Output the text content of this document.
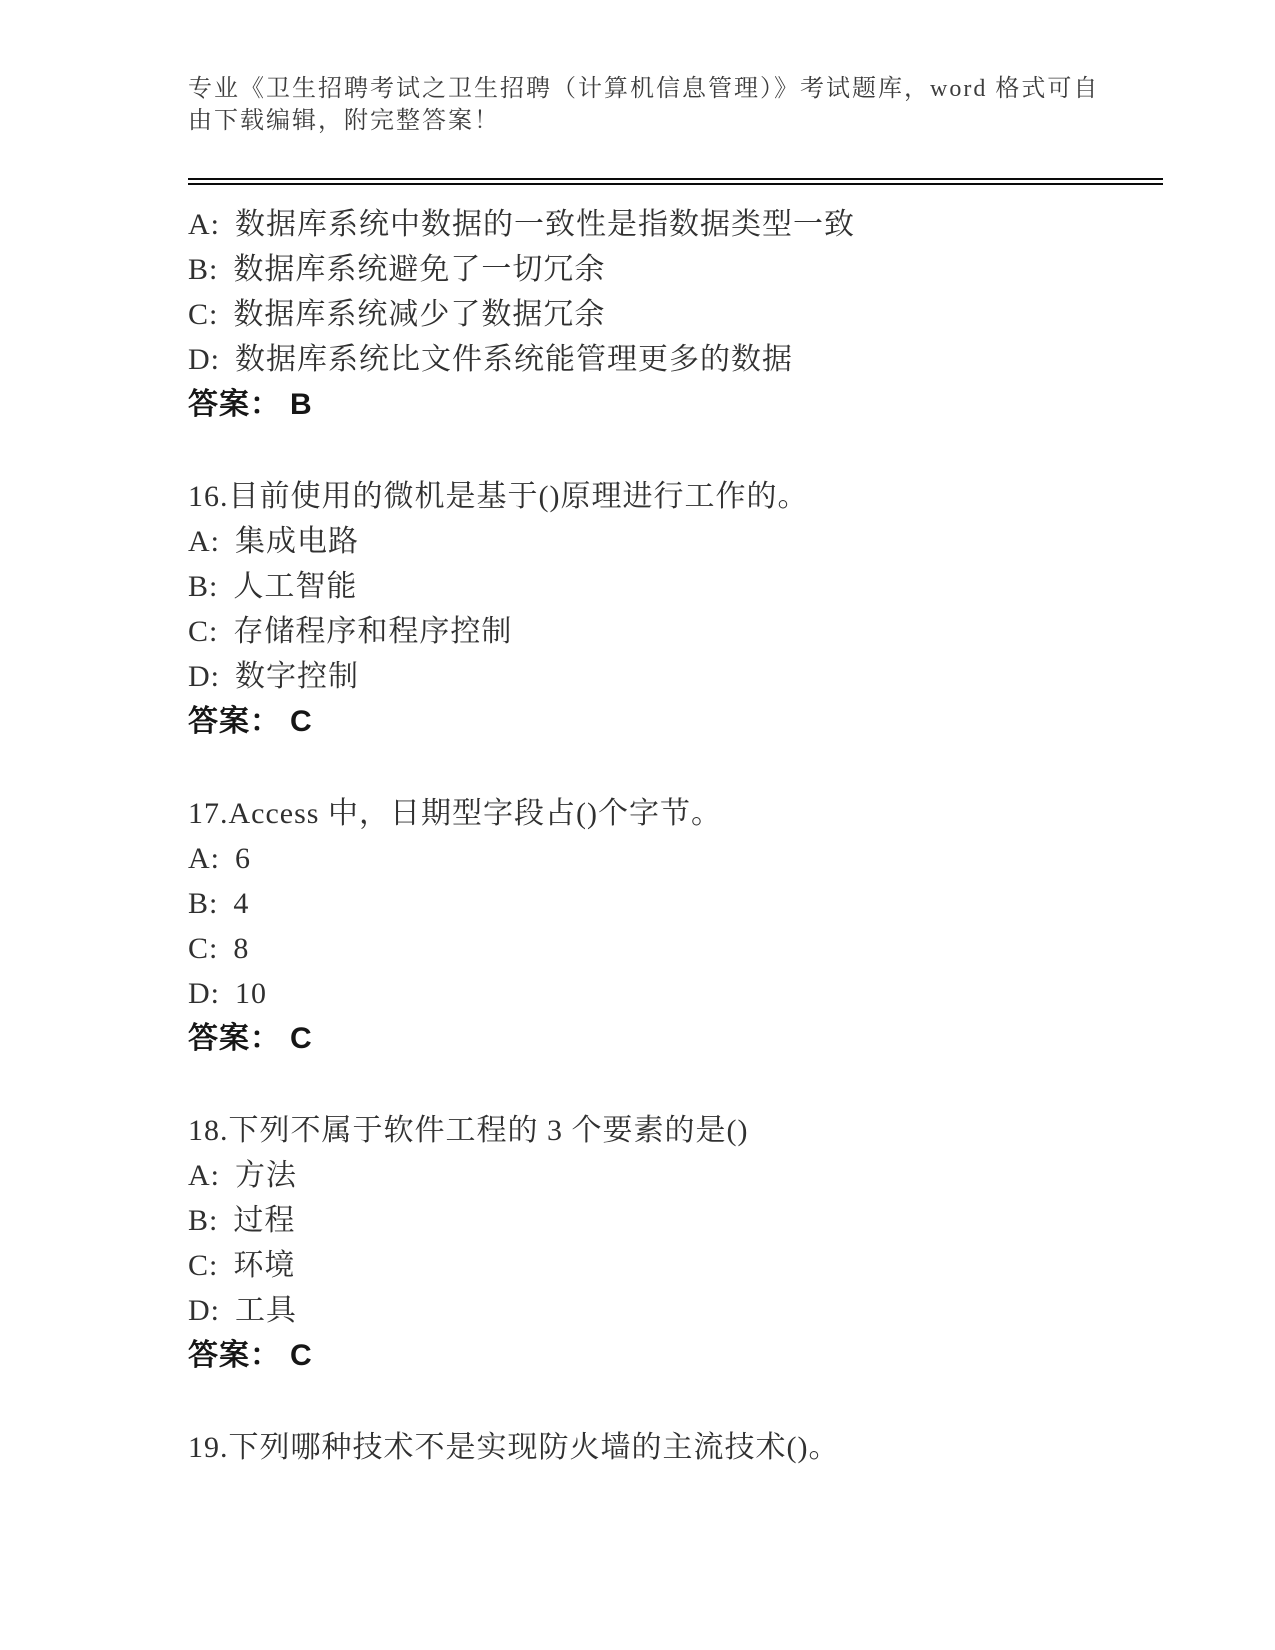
专业《卫生招聘考试之卫生招聘（计算机信息管理）》考试题库，word 格式可自

由下载编辑，附完整答案！

A: 数据库系统中数据的一致性是指数据类型一致
B: 数据库系统避免了一切冗余
C: 数据库系统减少了数据冗余
D: 数据库系统比文件系统能管理更多的数据
答案： B
16.目前使用的微机是基于()原理进行工作的。
A: 集成电路
B: 人工智能
C: 存储程序和程序控制
D: 数字控制
答案： C
17.Access 中，日期型字段占()个字节。
A: 6
B: 4
C: 8
D: 10
答案： C
18.下列不属于软件工程的 3 个要素的是()
A: 方法
B: 过程
C: 环境
D: 工具
答案： C
19.下列哪种技术不是实现防火墙的主流技术()。
